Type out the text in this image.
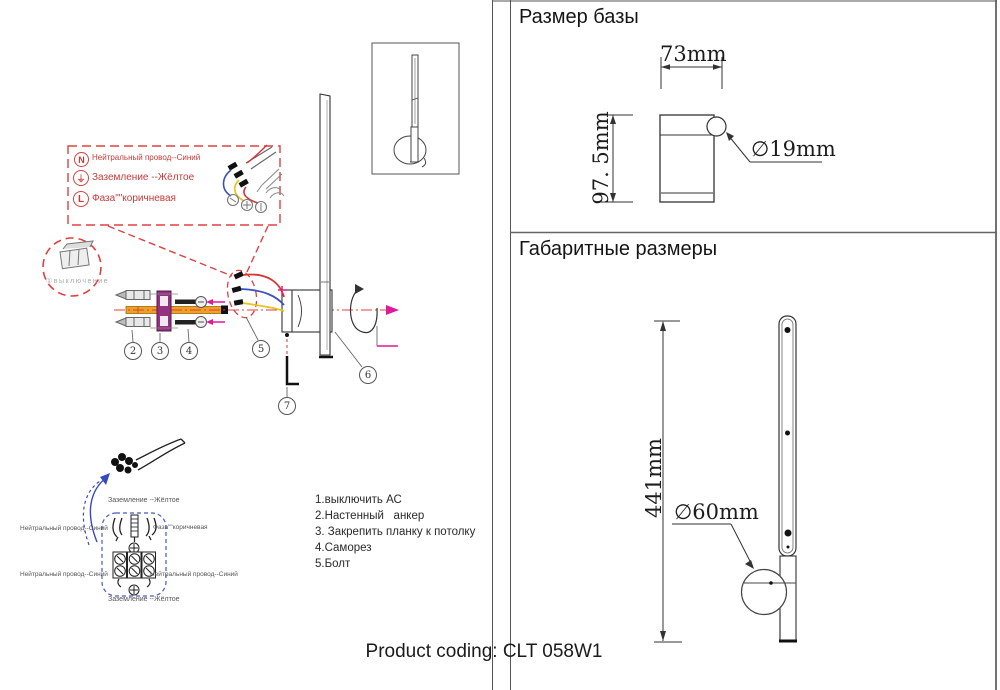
Размер базы
Габаритные размеры
73mm
97. 5mm	∅19mm
441mm ∅60mm
N Нейтральный провод--Синий
⏚ Заземление --Жёлтое
L Фаза""коричневая
①выключение
2	3	4	5
6
7
1.выключить АС
2.Настенный   анкер
3. Закрепить планку к потолку
4.Саморез
5.Болт
Заземление --Жёлтое
Нейтральный провод--Синий	Фаза""коричневая
Нейтральный провод--Синий	Нейтральный провод--Синий
Заземление --Жёлтое
Product coding: CLT 058W1
